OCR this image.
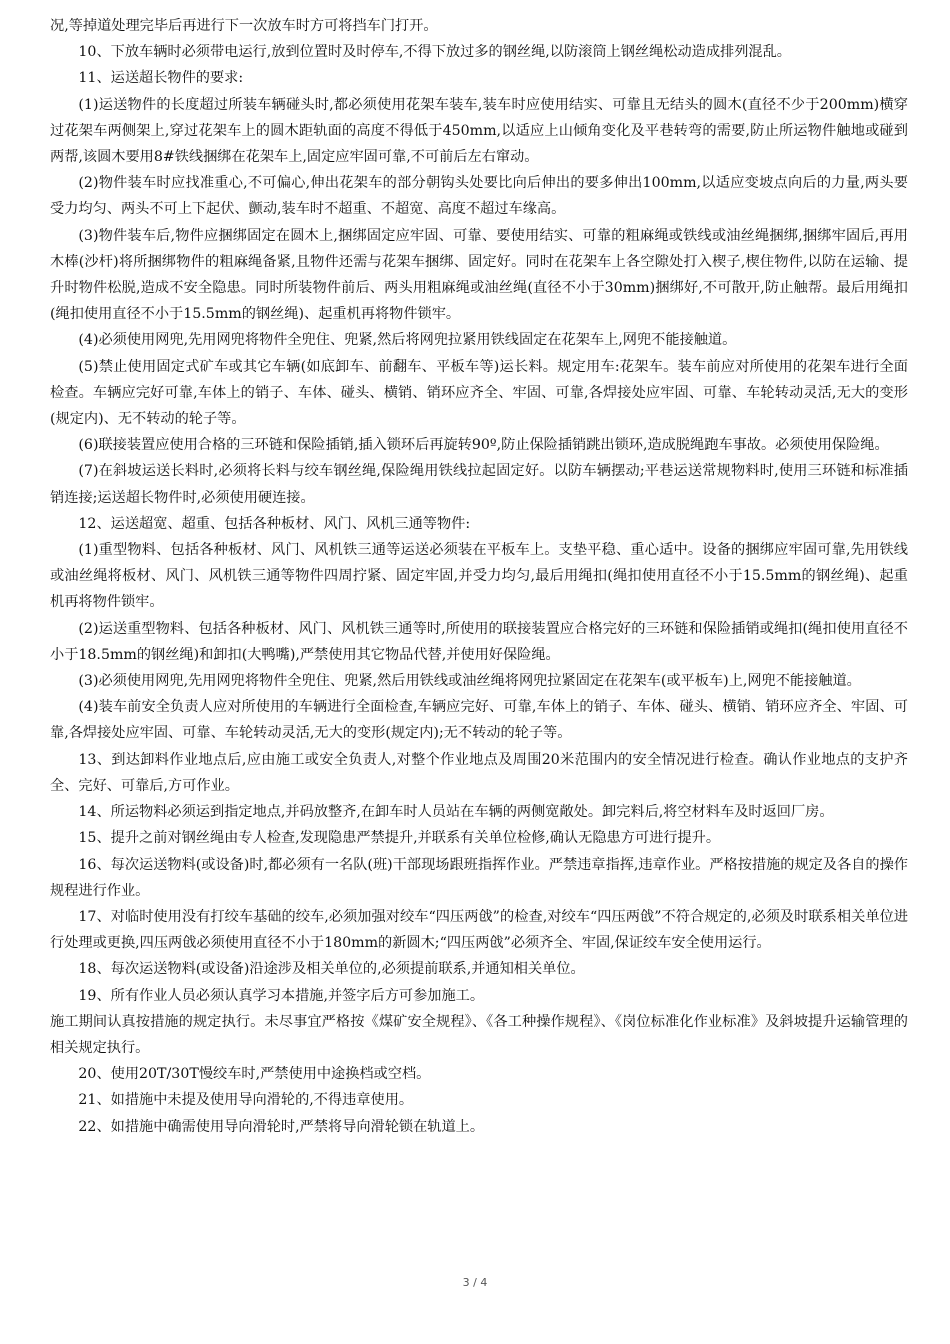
况,等掉道处理完毕后再进行下一次放车时方可将挡车门打开。

10、下放车辆时必须带电运行,放到位置时及时停车,不得下放过多的钢丝绳,以防滚筒上钢丝绳松动造成排列混乱。

11、运送超长物件的要求:

(1)运送物件的长度超过所装车辆碰头时,都必须使用花架车装车,装车时应使用结实、可靠且无结头的圆木(直径不少于200mm)横穿过花架车两侧架上,穿过花架车上的圆木距轨面的高度不得低于450mm,以适应上山倾角变化及平巷转弯的需要,防止所运物件触地或碰到两帮,该圆木要用8#铁线捆绑在花架车上,固定应牢固可靠,不可前后左右窜动。

(2)物件装车时应找准重心,不可偏心,伸出花架车的部分朝钩头处要比向后伸出的要多伸出100mm,以适应变坡点向后的力量,两头要受力均匀、两头不可上下起伏、颤动,装车时不超重、不超宽、高度不超过车缘高。

(3)物件装车后,物件应捆绑固定在圆木上,捆绑固定应牢固、可靠、要使用结实、可靠的粗麻绳或铁线或油丝绳捆绑,捆绑牢固后,再用木棒(沙杆)将所捆绑物件的粗麻绳备紧,且物件还需与花架车捆绑、固定好。同时在花架车上各空隙处打入楔子,楔住物件,以防在运输、提升时物件松脱,造成不安全隐患。同时所装物件前后、两头用粗麻绳或油丝绳(直径不小于30mm)捆绑好,不可散开,防止触帮。最后用绳扣(绳扣使用直径不小于15.5mm的钢丝绳)、起重机再将物件锁牢。

(4)必须使用网兜,先用网兜将物件全兜住、兜紧,然后将网兜拉紧用铁线固定在花架车上,网兜不能接触道。

(5)禁止使用固定式矿车或其它车辆(如底卸车、前翻车、平板车等)运长料。规定用车:花架车。装车前应对所使用的花架车进行全面检查。车辆应完好可靠,车体上的销子、车体、碰头、横销、销环应齐全、牢固、可靠,各焊接处应牢固、可靠、车轮转动灵活,无大的变形(规定内)、无不转动的轮子等。

(6)联接装置应使用合格的三环链和保险插销,插入锁环后再旋转90º,防止保险插销跳出锁环,造成脱绳跑车事故。必须使用保险绳。

(7)在斜坡运送长料时,必须将长料与绞车钢丝绳,保险绳用铁线拉起固定好。以防车辆摆动;平巷运送常规物料时,使用三环链和标准插销连接;运送超长物件时,必须使用硬连接。

12、运送超宽、超重、包括各种板材、风门、风机三通等物件:

(1)重型物料、包括各种板材、风门、风机铁三通等运送必须装在平板车上。支垫平稳、重心适中。设备的捆绑应牢固可靠,先用铁线或油丝绳将板材、风门、风机铁三通等物件四周拧紧、固定牢固,并受力均匀,最后用绳扣(绳扣使用直径不小于15.5mm的钢丝绳)、起重机再将物件锁牢。

(2)运送重型物料、包括各种板材、风门、风机铁三通等时,所使用的联接装置应合格完好的三环链和保险插销或绳扣(绳扣使用直径不小于18.5mm的钢丝绳)和卸扣(大鸭嘴),严禁使用其它物品代替,并使用好保险绳。

(3)必须使用网兜,先用网兜将物件全兜住、兜紧,然后用铁线或油丝绳将网兜拉紧固定在花架车(或平板车)上,网兜不能接触道。

(4)装车前安全负责人应对所使用的车辆进行全面检查,车辆应完好、可靠,车体上的销子、车体、碰头、横销、销环应齐全、牢固、可靠,各焊接处应牢固、可靠、车轮转动灵活,无大的变形(规定内);无不转动的轮子等。

13、到达卸料作业地点后,应由施工或安全负责人,对整个作业地点及周围20米范围内的安全情况进行检查。确认作业地点的支护齐全、完好、可靠后,方可作业。

14、所运物料必须运到指定地点,并码放整齐,在卸车时人员站在车辆的两侧宽敞处。卸完料后,将空材料车及时返回厂房。

15、提升之前对钢丝绳由专人检查,发现隐患严禁提升,并联系有关单位检修,确认无隐患方可进行提升。

16、每次运送物料(或设备)时,都必须有一名队(班)干部现场跟班指挥作业。严禁违章指挥,违章作业。严格按措施的规定及各自的操作规程进行作业。

17、对临时使用没有打绞车基础的绞车,必须加强对绞车“四压两戗”的检查,对绞车“四压两戗”不符合规定的,必须及时联系相关单位进行处理或更换,四压两戗必须使用直径不小于180mm的新圆木;“四压两戗”必须齐全、牢固,保证绞车安全使用运行。

18、每次运送物料(或设备)沿途涉及相关单位的,必须提前联系,并通知相关单位。

19、所有作业人员必须认真学习本措施,并签字后方可参加施工。

施工期间认真按措施的规定执行。未尽事宜严格按《煤矿安全规程》、《各工种操作规程》、《岗位标准化作业标准》及斜坡提升运输管理的相关规定执行。

20、使用20T/30T慢绞车时,严禁使用中途换档或空档。

21、如措施中未提及使用导向滑轮的,不得违章使用。

22、如措施中确需使用导向滑轮时,严禁将导向滑轮锁在轨道上。

3 / 4
